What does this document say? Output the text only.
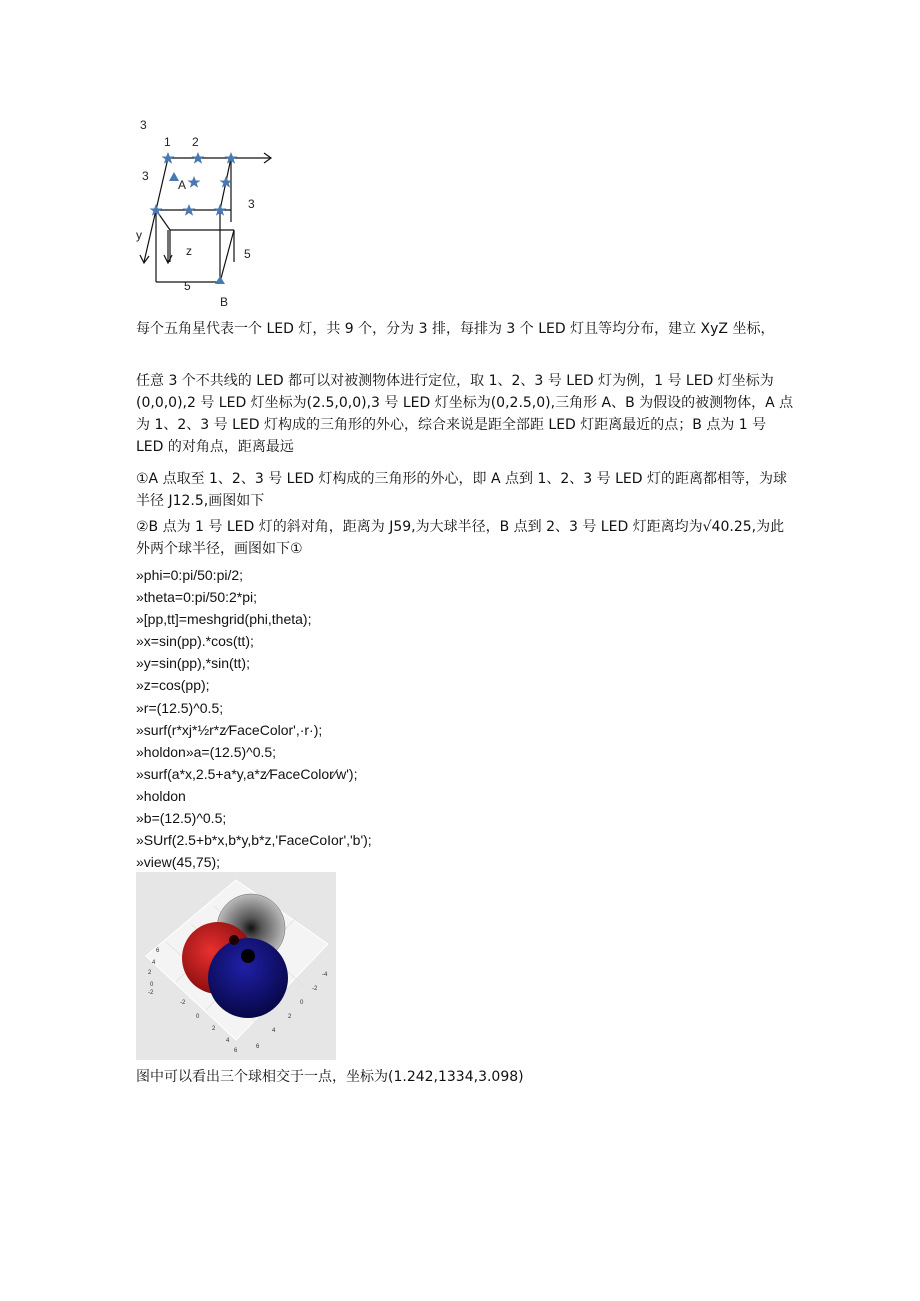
3
1 2
3
A
y
z
3
5
5
B

每个五角星代表一个 LED 灯，共 9 个，分为 3 排，每排为 3 个 LED 灯且等均分布，建立 XyZ 坐标，

任意 3 个不共线的 LED 都可以对被测物体进行定位，取 1、2、3 号 LED 灯为例，1 号 LED 灯坐标为(0,0,0),2 号 LED 灯坐标为(2.5,0,0),3 号 LED 灯坐标为(0,2.5,0),三角形 A、B 为假设的被测物体，A 点为 1、2、3 号 LED 灯构成的三角形的外心，综合来说是距全部距 LED 灯距离最近的点；B 点为 1 号 LED 的对角点，距离最远

①A 点取至 1、2、3 号 LED 灯构成的三角形的外心，即 A 点到 1、2、3 号 LED 灯的距离都相等，为球半径 J12.5,画图如下

②B 点为 1 号 LED 灯的斜对角，距离为 J59,为大球半径，B 点到 2、3 号 LED 灯距离均为√40.25,为此外两个球半径，画图如下①

»phi=0:pi/50:pi/2;

»theta=0:pi/50:2*pi;

»[pp,tt]=meshgrid(phi,theta);

»x=sin(pp).*cos(tt);

»y=sin(pp),*sin(tt);

»z=cos(pp);

»r=(12.5)^0.5;

»surf(r*xj*½r*z∕FaceColor',·r·);

»holdon»a=(12.5)^0.5;

»surf(a*x,2.5+a*y,a*z∕FaceColor∕w');

»holdon

»b=(12.5)^0.5;

»SUrf(2.5+b*x,b*y,b*z,'FaceCoIor','b');

»view(45,75);

6
4
2
0
-2
-2
0
2
4
6
6
4
2
0
-2
-4
图中可以看出三个球相交于一点，坐标为(1.242,1334,3.098)
